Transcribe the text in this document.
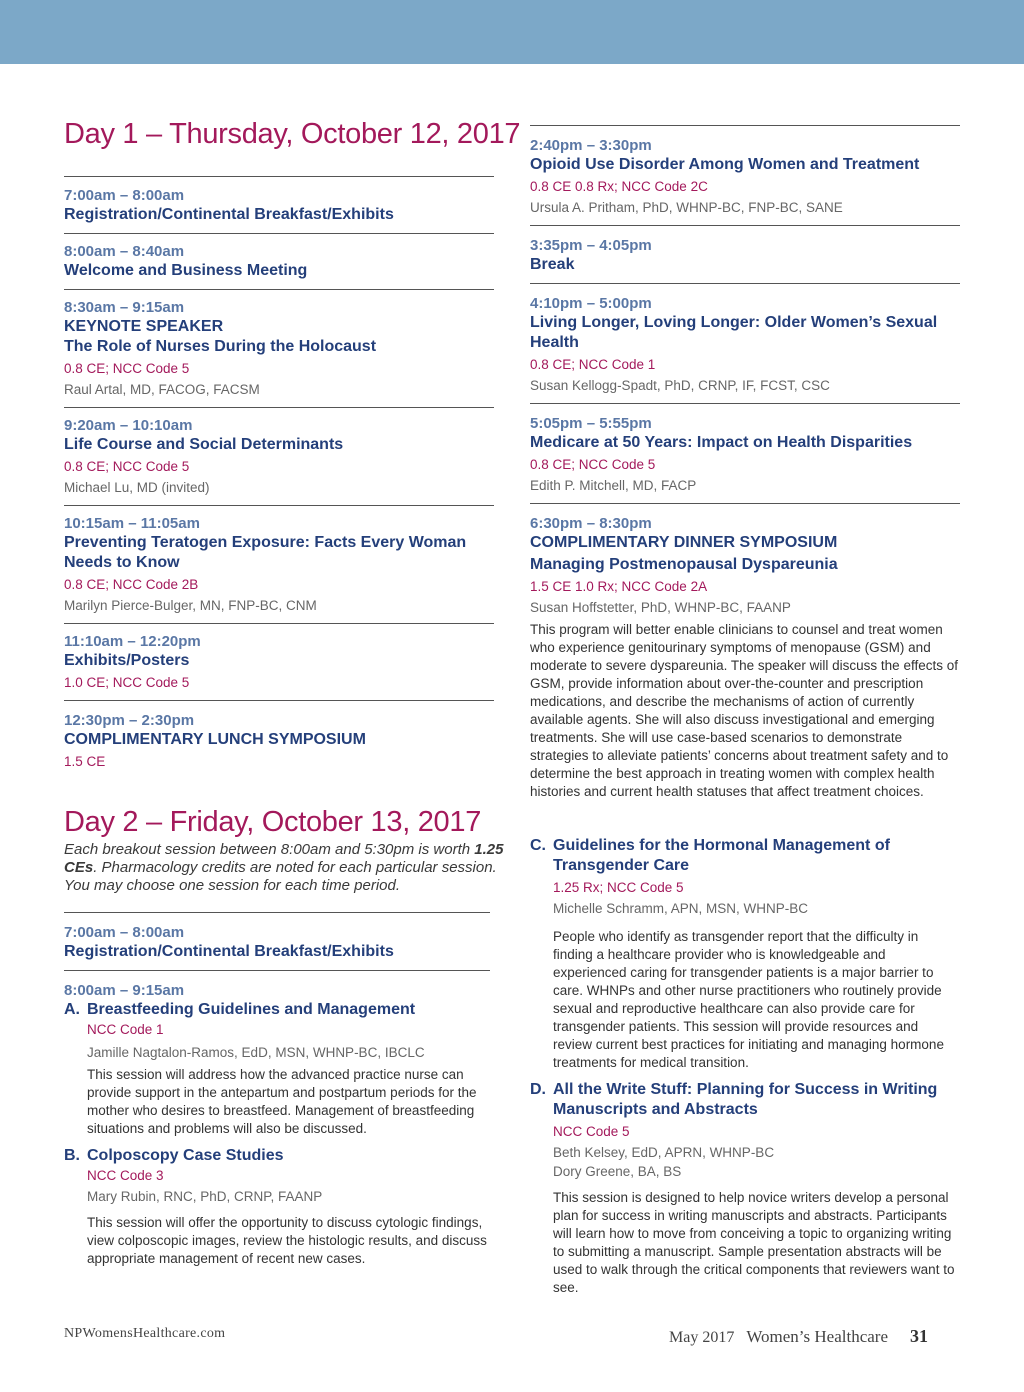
Day 1 – Thursday, October 12, 2017
7:00am – 8:00am
Registration/Continental Breakfast/Exhibits
8:00am – 8:40am
Welcome and Business Meeting
8:30am – 9:15am
KEYNOTE SPEAKER
The Role of Nurses During the Holocaust
0.8 CE; NCC Code 5
Raul Artal, MD, FACOG, FACSM
9:20am – 10:10am
Life Course and Social Determinants
0.8 CE; NCC Code 5
Michael Lu, MD (invited)
10:15am – 11:05am
Preventing Teratogen Exposure: Facts Every Woman Needs to Know
0.8 CE; NCC Code 2B
Marilyn Pierce-Bulger, MN, FNP-BC, CNM
11:10am – 12:20pm
Exhibits/Posters
1.0 CE; NCC Code 5
12:30pm – 2:30pm
COMPLIMENTARY LUNCH SYMPOSIUM
1.5 CE
2:40pm – 3:30pm
Opioid Use Disorder Among Women and Treatment
0.8 CE 0.8 Rx; NCC Code 2C
Ursula A. Pritham, PhD, WHNP-BC, FNP-BC, SANE
3:35pm – 4:05pm
Break
4:10pm – 5:00pm
Living Longer, Loving Longer: Older Women’s Sexual Health
0.8 CE; NCC Code 1
Susan Kellogg-Spadt, PhD, CRNP, IF, FCST, CSC
5:05pm – 5:55pm
Medicare at 50 Years: Impact on Health Disparities
0.8 CE; NCC Code 5
Edith P. Mitchell, MD, FACP
6:30pm – 8:30pm
COMPLIMENTARY DINNER SYMPOSIUM
Managing Postmenopausal Dyspareunia
1.5 CE 1.0 Rx; NCC Code 2A
Susan Hoffstetter, PhD, WHNP-BC, FAANP
This program will better enable clinicians to counsel and treat women who experience genitourinary symptoms of menopause (GSM) and moderate to severe dyspareunia. The speaker will discuss the effects of GSM, provide information about over-the-counter and prescription medications, and describe the mechanisms of action of currently available agents. She will also discuss investigational and emerging treatments. She will use case-based scenarios to demonstrate strategies to alleviate patients’ concerns about treatment safety and to determine the best approach in treating women with complex health histories and current health statuses that affect treatment choices.
Day 2 – Friday, October 13, 2017
Each breakout session between 8:00am and 5:30pm is worth 1.25 CEs. Pharmacology credits are noted for each particular session. You may choose one session for each time period.
7:00am – 8:00am
Registration/Continental Breakfast/Exhibits
8:00am – 9:15am
A. Breastfeeding Guidelines and Management
NCC Code 1
Jamille Nagtalon-Ramos, EdD, MSN, WHNP-BC, IBCLC
This session will address how the advanced practice nurse can provide support in the antepartum and postpartum periods for the mother who desires to breastfeed. Management of breastfeeding situations and problems will also be discussed.
B. Colposcopy Case Studies
NCC Code 3
Mary Rubin, RNC, PhD, CRNP, FAANP
This session will offer the opportunity to discuss cytologic findings, view colposcopic images, review the histologic results, and discuss appropriate management of recent new cases.
C. Guidelines for the Hormonal Management of Transgender Care
1.25 Rx; NCC Code 5
Michelle Schramm, APN, MSN, WHNP-BC
People who identify as transgender report that the difficulty in finding a healthcare provider who is knowledgeable and experienced caring for transgender patients is a major barrier to care. WHNPs and other nurse practitioners who routinely provide sexual and reproductive healthcare can also provide care for transgender patients. This session will provide resources and review current best practices for initiating and managing hormone treatments for medical transition.
D. All the Write Stuff: Planning for Success in Writing Manuscripts and Abstracts
NCC Code 5
Beth Kelsey, EdD, APRN, WHNP-BC
Dory Greene, BA, BS
This session is designed to help novice writers develop a personal plan for success in writing manuscripts and abstracts. Participants will learn how to move from conceiving a topic to organizing writing to submitting a manuscript. Sample presentation abstracts will be used to walk through the critical components that reviewers want to see.
NPWomensHealthcare.com	May 2017 Women’s Healthcare 31
